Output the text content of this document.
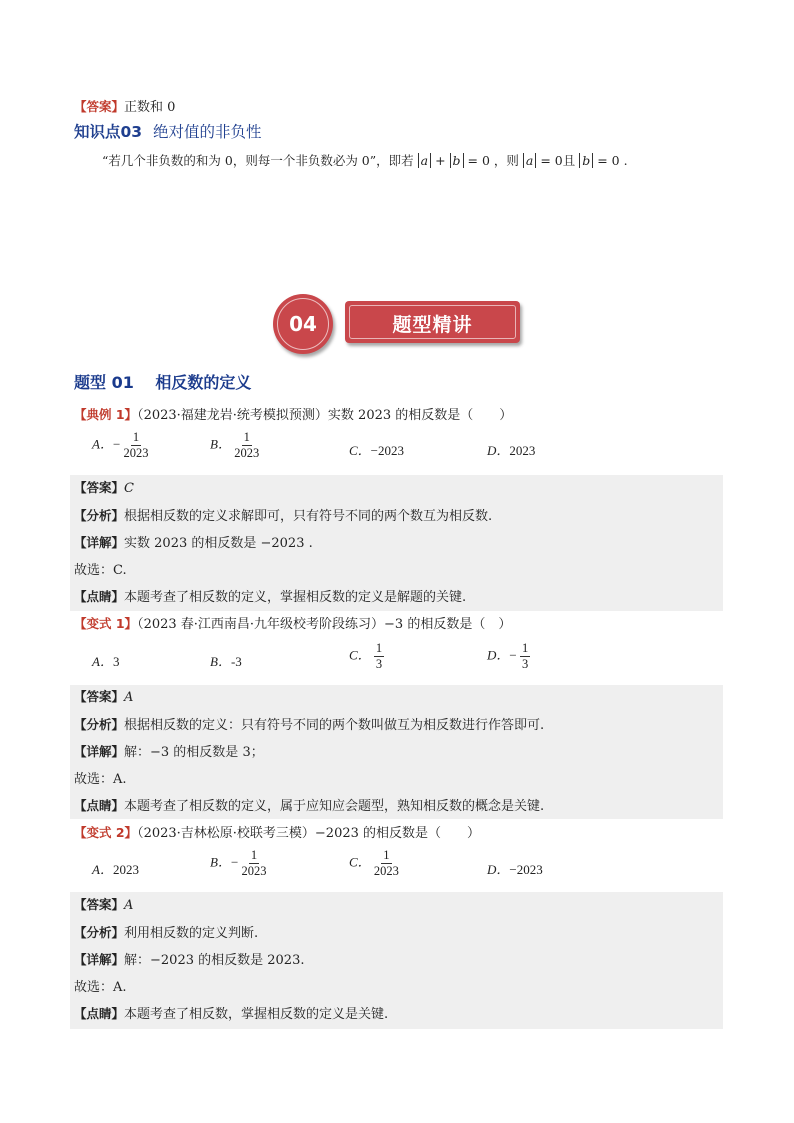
【答案】正数和 0
知识点03 绝对值的非负性
“若几个非负数的和为 0，则每一个非负数必为 0”，即若 a + b = 0 ，则 a = 0且 b = 0 .
04	题型精讲
题型 01 相反数的定义
【典例 1】（2023·福建龙岩·统考模拟预测）实数 2023 的相反数是（　　）
A．− $\frac{1}{2023}$	B． $\frac{1}{2023}$	C．−2023	D．2023
【答案】C
【分析】根据相反数的定义求解即可，只有符号不同的两个数互为相反数.
【详解】实数 2023 的相反数是 −2023 .
故选：C.
【点睛】本题考查了相反数的定义，掌握相反数的定义是解题的关键.
【变式 1】（2023 春·江西南昌·九年级校考阶段练习）−3 的相反数是（　）
A．3	B．-3	C． $\frac{1}{3}$	D．− $\frac{1}{3}$
【答案】A
【分析】根据相反数的定义：只有符号不同的两个数叫做互为相反数进行作答即可.
【详解】解：−3 的相反数是 3；
故选：A.
【点睛】本题考查了相反数的定义，属于应知应会题型，熟知相反数的概念是关键.
【变式 2】（2023·吉林松原·校联考三模）−2023 的相反数是（　　）
A．2023	B．− $\frac{1}{2023}$	C． $\frac{1}{2023}$	D．−2023
【答案】A
【分析】利用相反数的定义判断.
【详解】解：−2023 的相反数是 2023.
故选：A.
【点睛】本题考查了相反数，掌握相反数的定义是关键.
